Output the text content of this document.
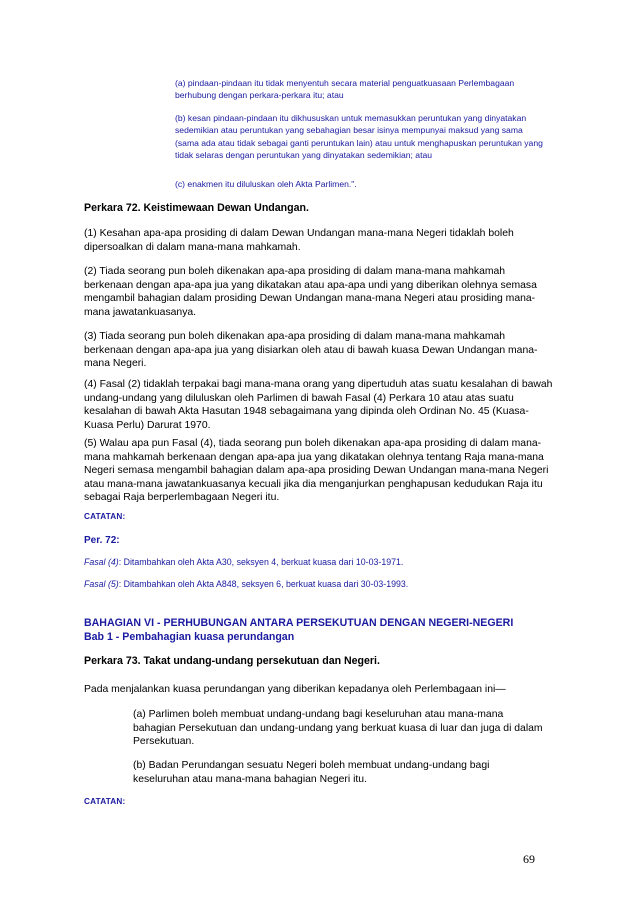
(a) pindaan-pindaan itu tidak menyentuh secara material penguatkuasaan Perlembagaan berhubung dengan perkara-perkara itu; atau
(b) kesan pindaan-pindaan itu dikhususkan untuk memasukkan peruntukan yang dinyatakan sedemikian atau peruntukan yang sebahagian besar isinya mempunyai maksud yang sama (sama ada atau tidak sebagai ganti peruntukan lain) atau untuk menghapuskan peruntukan yang tidak selaras dengan peruntukan yang dinyatakan sedemikian; atau
(c) enakmen itu diluluskan oleh Akta Parlimen.".
Perkara 72. Keistimewaan Dewan Undangan.
(1) Kesahan apa-apa prosiding di dalam Dewan Undangan mana-mana Negeri tidaklah boleh dipersoalkan di dalam mana-mana mahkamah.
(2) Tiada seorang pun boleh dikenakan apa-apa prosiding di dalam mana-mana mahkamah berkenaan dengan apa-apa jua yang dikatakan atau apa-apa undi yang diberikan olehnya semasa mengambil bahagian dalam prosiding Dewan Undangan mana-mana Negeri atau prosiding mana-mana jawatankuasanya.
(3) Tiada seorang pun boleh dikenakan apa-apa prosiding di dalam mana-mana mahkamah berkenaan dengan apa-apa jua yang disiarkan oleh atau di bawah kuasa Dewan Undangan mana-mana Negeri.
(4) Fasal (2) tidaklah terpakai bagi mana-mana orang yang dipertuduh atas suatu kesalahan di bawah undang-undang yang diluluskan oleh Parlimen di bawah Fasal (4) Perkara 10 atau atas suatu kesalahan di bawah Akta Hasutan 1948 sebagaimana yang dipinda oleh Ordinan No. 45 (Kuasa-Kuasa Perlu) Darurat 1970.
(5) Walau apa pun Fasal (4), tiada seorang pun boleh dikenakan apa-apa prosiding di dalam mana-mana mahkamah berkenaan dengan apa-apa jua yang dikatakan olehnya tentang Raja mana-mana Negeri semasa mengambil bahagian dalam apa-apa prosiding Dewan Undangan mana-mana Negeri atau mana-mana jawatankuasanya kecuali jika dia menganjurkan penghapusan kedudukan Raja itu sebagai Raja berperlembagaan Negeri itu.
CATATAN:
Per. 72:
Fasal (4): Ditambahkan oleh Akta A30, seksyen 4, berkuat kuasa dari 10-03-1971.
Fasal (5): Ditambahkan oleh Akta A848, seksyen 6, berkuat kuasa dari 30-03-1993.
BAHAGIAN VI - PERHUBUNGAN ANTARA PERSEKUTUAN DENGAN NEGERI-NEGERI
Bab 1 - Pembahagian kuasa perundangan
Perkara 73. Takat undang-undang persekutuan dan Negeri.
Pada menjalankan kuasa perundangan yang diberikan kepadanya oleh Perlembagaan ini—
(a) Parlimen boleh membuat undang-undang bagi keseluruhan atau mana-mana bahagian Persekutuan dan undang-undang yang berkuat kuasa di luar dan juga di dalam Persekutuan.
(b) Badan Perundangan sesuatu Negeri boleh membuat undang-undang bagi keseluruhan atau mana-mana bahagian Negeri itu.
CATATAN:
69
